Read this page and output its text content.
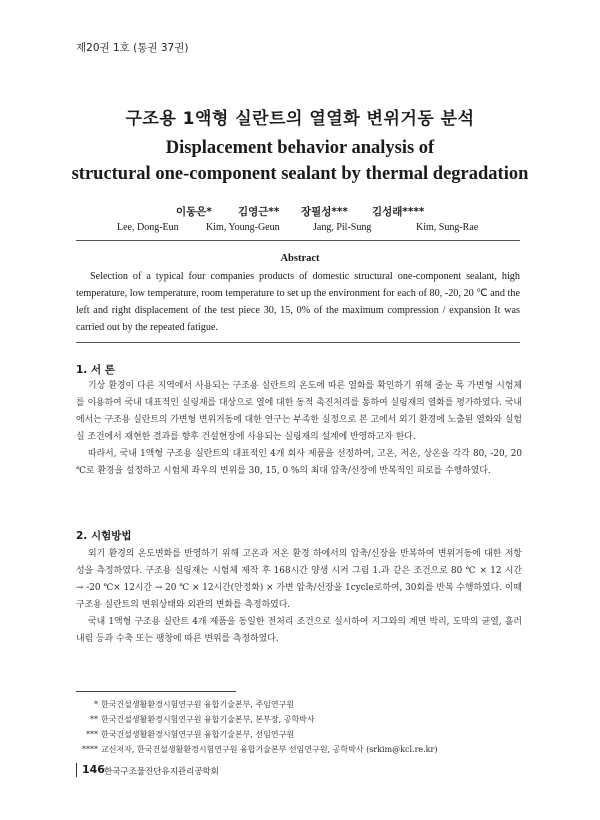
제20권 1호 (통권 37권)
구조용 1액형 실란트의 열열화 변위거동 분석
Displacement behavior analysis of
structural one-component sealant by thermal degradation
이동은* 김영근** 장필성*** 김성래****
Lee, Dong-Eun	Kim, Young-Geun	Jang, Pil-Sung	Kim, Sung-Rae
Abstract
Selection of a typical four companies products of domestic structural one-component sealant, high temperature, low temperature, room temperature to set up the environment for each of 80, -20, 20 ℃ and the left and right displacement of the test piece 30, 15, 0% of the maximum compression / expansion It was carried out by the repeated fatigue.
1. 서 론

기상 환경이 다른 지역에서 사용되는 구조용 실란트의 온도에 따른 열화를 확인하기 위해 줄눈 폭 가변형 시험체를 이용하여 국내 대표적인 실링재를 대상으로 열에 대한 동적 촉진처리를 통하여 실링재의 열화를 평가하였다. 국내에서는 구조용 실란트의 가변형 변위거동에 대한 연구는 부족한 실정으로 본 고에서 외기 환경에 노출된 열화와 실험실 조건에서 재현한 결과를 향후 건설현장에 사용되는 실링재의 설계에 반영하고자 한다.

따라서, 국내 1액형 구조용 실란트의 대표적인 4개 회사 제품을 선정하여, 고온, 저온, 상온을 각각 80, -20, 20 ℃로 환경을 설정하고 시험체 좌우의 변위를 30, 15, 0 %의 최대 압축/신장에 반복적인 피로를 수행하였다.

2. 시험방법

외기 환경의 온도변화를 반영하기 위해 고온과 저온 환경 하에서의 압축/신장을 반복하여 변위거동에 대한 저항성을 측정하였다. 구조용 실링재는 시험체 제작 후 168시간 양생 시켜 그림 1.과 같은 조건으로 80 ℃ × 12 시간 → -20 ℃× 12시간 → 20 ℃ × 12시간(안정화) × 가변 압축/신장을 1cycle로하여, 30회를 반복 수행하였다. 이때 구조용 실란트의 변위상태와 외관의 변화를 측정하였다.

국내 1액형 구조용 실란트 4개 제품을 동일한 전처리 조건으로 실시하여 지그와의 계면 박리, 도막의 균열, 흘러내림 등과 수축 또는 팽창에 따른 변위를 측정하였다.

* 한국건설생활환경시험연구원 융합기술본부, 주임연구원
** 한국건설생활환경시험연구원 융합기술본부, 본부장, 공학박사
*** 한국건설생활환경시험연구원 융합기술본부, 선임연구원
**** 교신저자, 한국건설생활환경시험연구원 융합기술본부 선임연구원, 공학박사 (srkim@kcl.re.kr)
146 한국구조물진단유지관리공학회
